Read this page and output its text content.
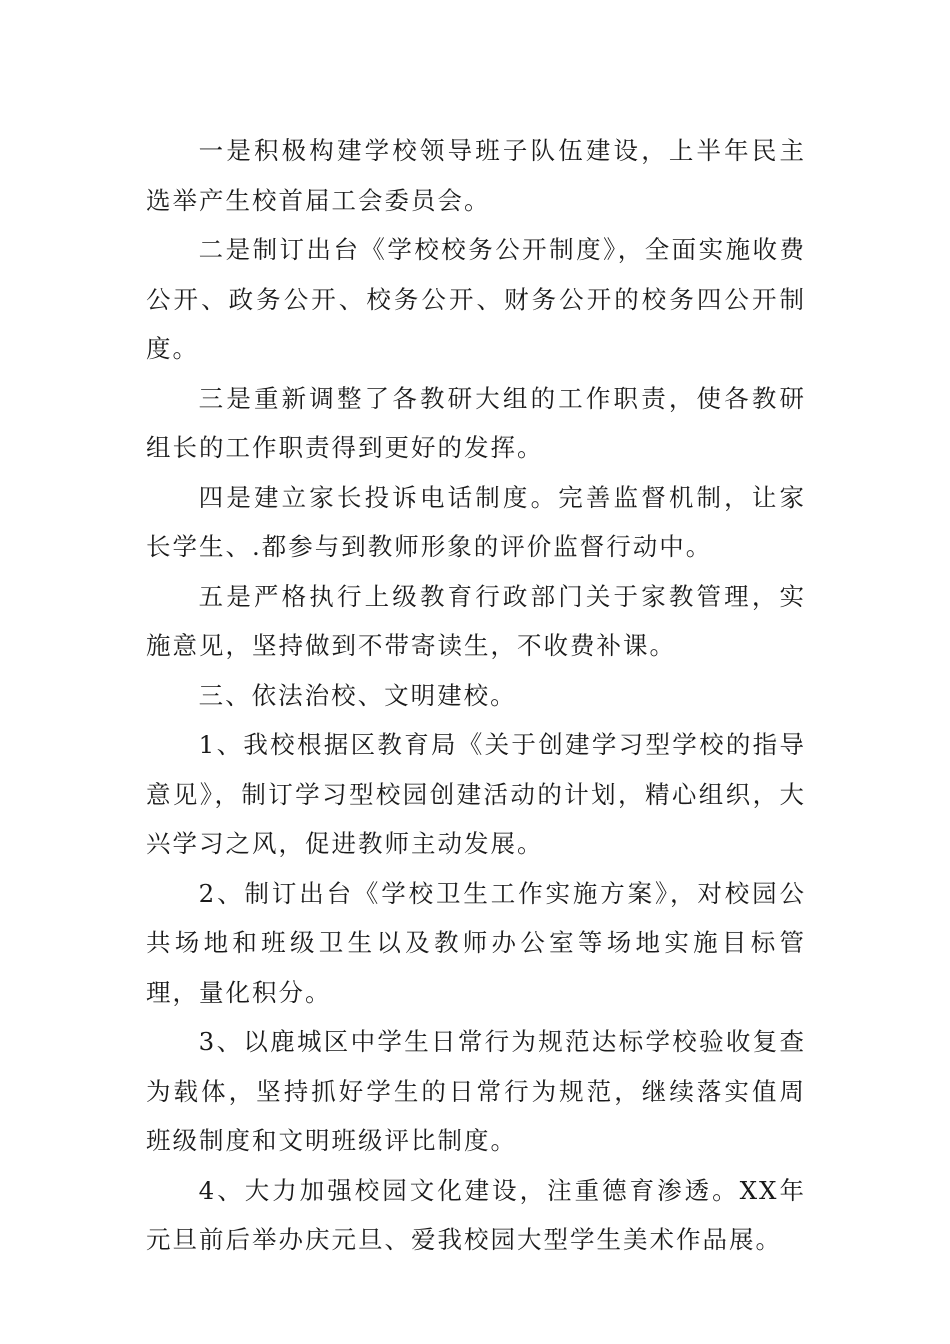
一是积极构建学校领导班子队伍建设，上半年民主选举产生校首届工会委员会。

二是制订出台《学校校务公开制度》，全面实施收费公开、政务公开、校务公开、财务公开的校务四公开制度。

三是重新调整了各教研大组的工作职责，使各教研组长的工作职责得到更好的发挥。

四是建立家长投诉电话制度。完善监督机制，让家长学生、.都参与到教师形象的评价监督行动中。

五是严格执行上级教育行政部门关于家教管理，实施意见，坚持做到不带寄读生，不收费补课。

三、依法治校、文明建校。

1、我校根据区教育局《关于创建学习型学校的指导意见》，制订学习型校园创建活动的计划，精心组织，大兴学习之风，促进教师主动发展。

2、制订出台《学校卫生工作实施方案》，对校园公共场地和班级卫生以及教师办公室等场地实施目标管理，量化积分。

3、以鹿城区中学生日常行为规范达标学校验收复查为载体，坚持抓好学生的日常行为规范，继续落实值周班级制度和文明班级评比制度。

4、大力加强校园文化建设，注重德育渗透。XX年元旦前后举办庆元旦、爱我校园大型学生美术作品展。
